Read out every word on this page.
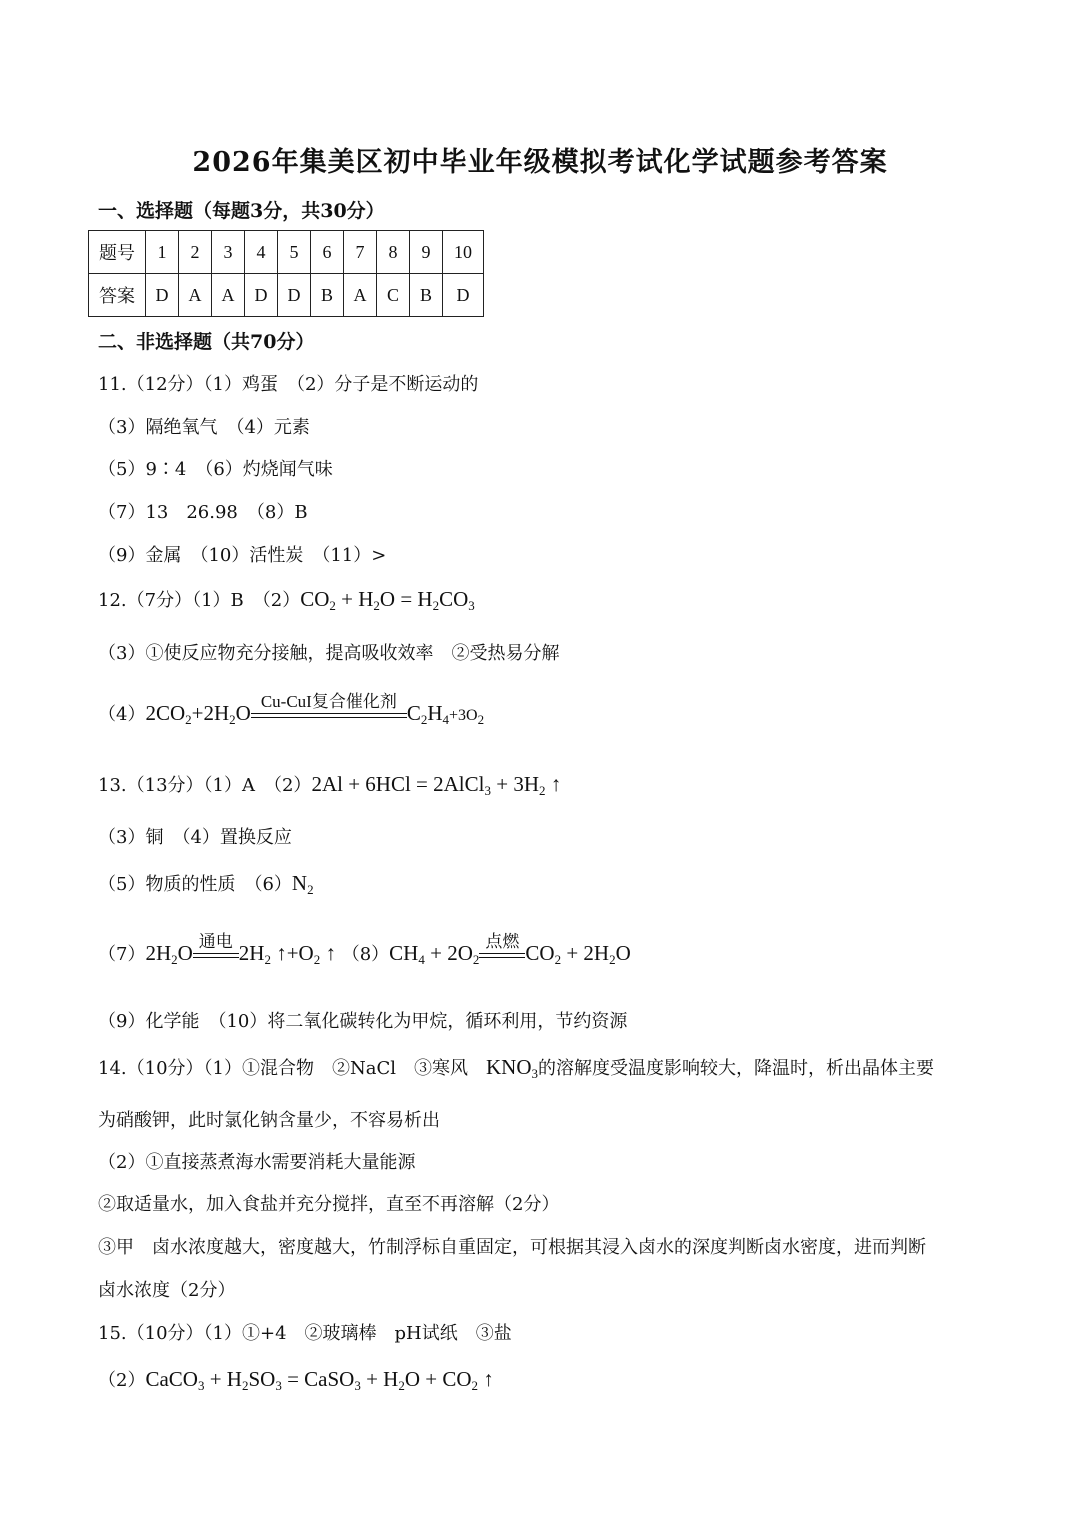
2026年集美区初中毕业年级模拟考试化学试题参考答案
一、选择题（每题3分，共30分）
题号	1	2	3	4	5	6	7	8	9	10
答案	D	A	A	D	D	B	A	C	B	D
二、非选择题（共70分）
11.（12分）（1）鸡蛋　（2）分子是不断运动的
（3）隔绝氧气　（4）元素
（5）9∶4　（6）灼烧闻气味
（7）13　26.98　（8）B
（9）金属　（10）活性炭　（11）>
12.（7分）（1）B　$(2)CO_2 + H_2O = H_2CO_3$
（3）①使反应物充分接触，提高吸收效率　②受热易分解
$(4)2CO_2+2H_2O$ Cu-CuI复合催化剂 $C_2H_4+3O_2$
13.（13分）（1）A　（2）2Al + 6HCl = 2AlCl$_3$ + $3H_2$ ↑
（3）铜　（4）置换反应
（5）物质的性质　$(6)N_2$
$(7)2H_2O$ 通电 $2H_2$ $↑+O_2$ ↑ $(8)CH_4 + 2O_2$
点燃 $CO_2 + 2H_2O$
（9）化学能　（10）将二氧化碳转化为甲烷，循环利用，节约资源
14.（10分）（1）①混合物　②NaCl　③寒风　$KNO_3$的溶解度受温度影响较大，降温时，析出晶体主要
为硝酸钾，此时氯化钠含量少，不容易析出
（2）①直接蒸煮海水需要消耗大量能源
②取适量水，加入食盐并充分搅拌，直至不再溶解（2分）
③甲　卤水浓度越大，密度越大，竹制浮标自重固定，可根据其浸入卤水的深度判断卤水密度，进而判断
卤水浓度（2分）
15.（10分）（1）①+4　②玻璃棒　pH试纸　③盐
（2）CaCO$_3$ + $H_2SO_3$ = CaSO$_3$ + $H_2O + CO_2$ ↑
